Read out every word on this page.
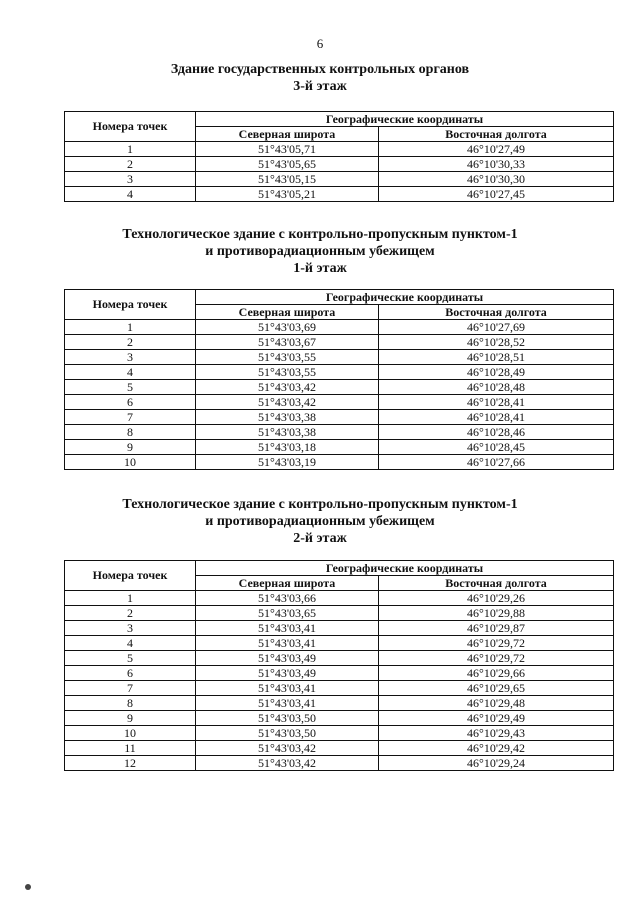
6
Здание государственных контрольных органов
3-й этаж
Номера точек	Географические координаты	
	Северная широта	Восточная долгота
1	51°43'05,71	46°10'27,49
2	51°43'05,65	46°10'30,33
3	51°43'05,15	46°10'30,30
4	51°43'05,21	46°10'27,45
Технологическое здание с контрольно-пропускным пунктом-1
и противорадиационным убежищем
1-й этаж
Номера точек	Географические координаты	
	Северная широта	Восточная долгота
1	51°43'03,69	46°10'27,69
2	51°43'03,67	46°10'28,52
3	51°43'03,55	46°10'28,51
4	51°43'03,55	46°10'28,49
5	51°43'03,42	46°10'28,48
6	51°43'03,42	46°10'28,41
7	51°43'03,38	46°10'28,41
8	51°43'03,38	46°10'28,46
9	51°43'03,18	46°10'28,45
10	51°43'03,19	46°10'27,66
Технологическое здание с контрольно-пропускным пунктом-1
и противорадиационным убежищем
2-й этаж
Номера точек	Географические координаты	
	Северная широта	Восточная долгота
1	51°43'03,66	46°10'29,26
2	51°43'03,65	46°10'29,88
3	51°43'03,41	46°10'29,87
4	51°43'03,41	46°10'29,72
5	51°43'03,49	46°10'29,72
6	51°43'03,49	46°10'29,66
7	51°43'03,41	46°10'29,65
8	51°43'03,41	46°10'29,48
9	51°43'03,50	46°10'29,49
10	51°43'03,50	46°10'29,43
11	51°43'03,42	46°10'29,42
12	51°43'03,42	46°10'29,24
